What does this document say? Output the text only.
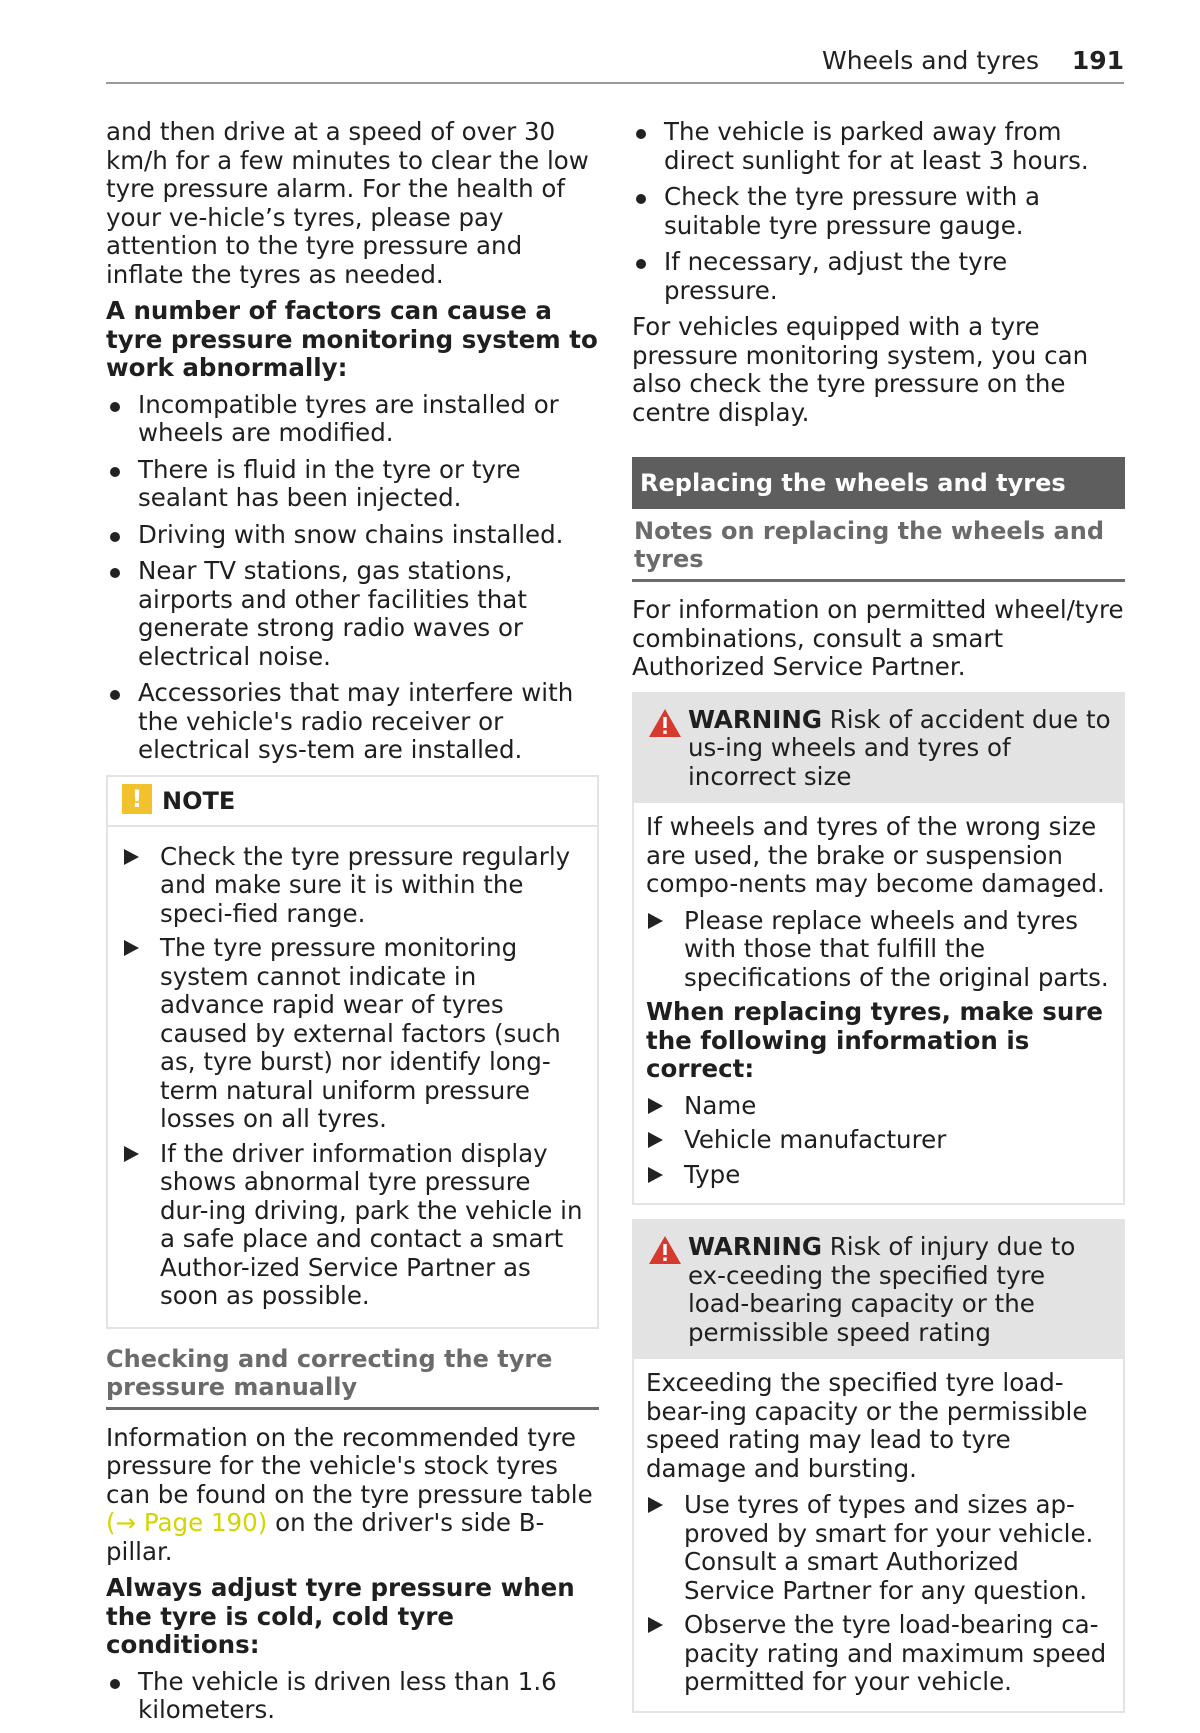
Wheels and tyres 191

and then drive at a speed of over 30 km/h for a few minutes to clear the low tyre pressure alarm. For the health of your ve-hicle’s tyres, please pay attention to the tyre pressure and inflate the tyres as needed.

A number of factors can cause a tyre pressure monitoring system to work abnormally:

Incompatible tyres are installed or wheels are modified.
There is fluid in the tyre or tyre sealant has been injected.
Driving with snow chains installed.
Near TV stations, gas stations, airports and other facilities that generate strong radio waves or electrical noise.
Accessories that may interfere with the vehicle's radio receiver or electrical sys-tem are installed.
! NOTE
Check the tyre pressure regularly and make sure it is within the speci-fied range.
The tyre pressure monitoring system cannot indicate in advance rapid wear of tyres caused by external factors (such as, tyre burst) nor identify long-term natural uniform pressure losses on all tyres.
If the driver information display shows abnormal tyre pressure dur-ing driving, park the vehicle in a safe place and contact a smart Author-ized Service Partner as soon as possible.
Checking and correcting the tyre pressure manually

Information on the recommended tyre pressure for the vehicle's stock tyres can be found on the tyre pressure table (→ Page 190) on the driver's side B-pillar.

Always adjust tyre pressure when the tyre is cold, cold tyre conditions:

The vehicle is driven less than 1.6 kilometers.
The vehicle is parked away from direct sunlight for at least 3 hours.
Check the tyre pressure with a suitable tyre pressure gauge.
If necessary, adjust the tyre pressure.

For vehicles equipped with a tyre pressure monitoring system, you can also check the tyre pressure on the centre display.

Replacing the wheels and tyres
Notes on replacing the wheels and tyres

For information on permitted wheel/tyre combinations, consult a smart Authorized Service Partner.

WARNING Risk of accident due to us-ing wheels and tyres of incorrect size

If wheels and tyres of the wrong size are used, the brake or suspension compo-nents may become damaged.

Please replace wheels and tyres with those that fulfill the specifications of the original parts.

When replacing tyres, make sure the following information is correct:

Name
Vehicle manufacturer
Type
WARNING Risk of injury due to ex-ceeding the specified tyre load-bearing capacity or the permissible speed rating

Exceeding the specified tyre load-bear-ing capacity or the permissible speed rating may lead to tyre damage and bursting.

Use tyres of types and sizes ap-proved by smart for your vehicle. Consult a smart Authorized Service Partner for any question.
Observe the tyre load-bearing ca-pacity rating and maximum speed permitted for your vehicle.
